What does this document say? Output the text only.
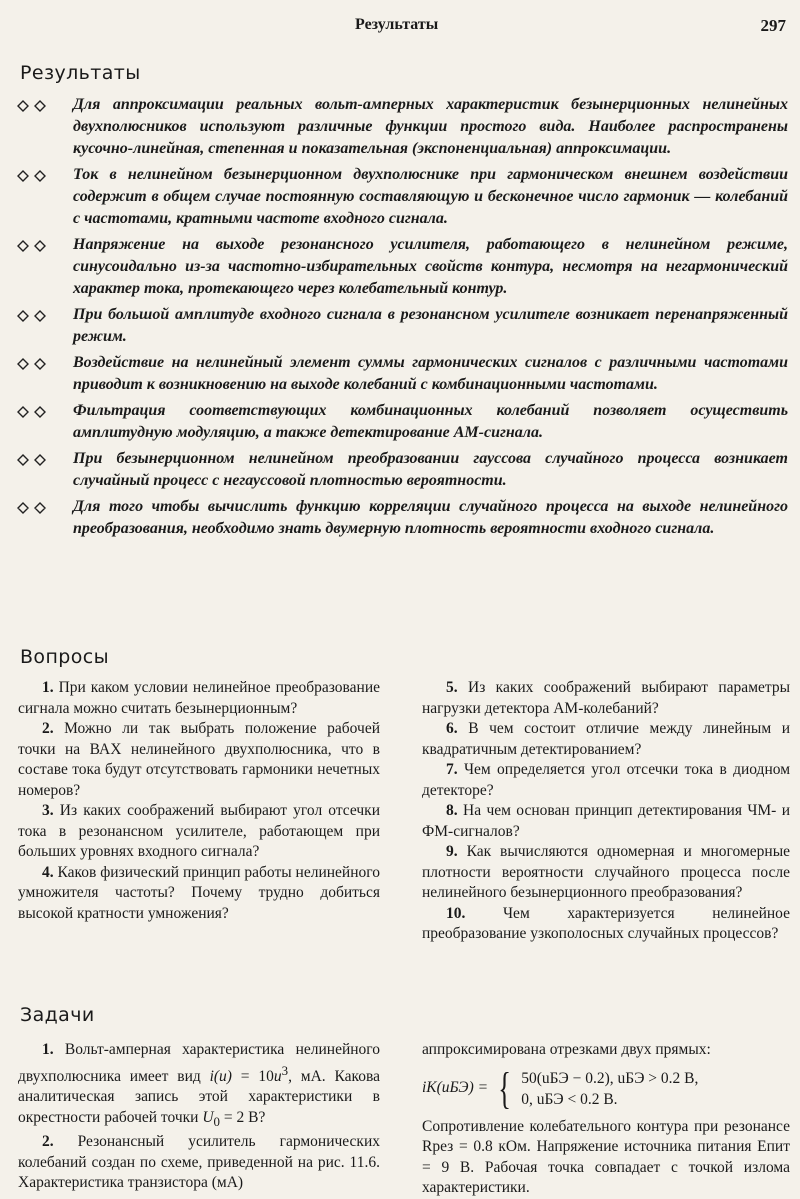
Результаты	297
Результаты
Для аппроксимации реальных вольт-амперных характеристик безынерционных нелинейных двухполюсников используют различные функции простого вида. Наиболее распространены кусочно-линейная, степенная и показательная (экспоненциальная) аппроксимации.
Ток в нелинейном безынерционном двухполюснике при гармоническом внешнем воздействии содержит в общем случае постоянную составляющую и бесконечное число гармоник — колебаний с частотами, кратными частоте входного сигнала.
Напряжение на выходе резонансного усилителя, работающего в нелинейном режиме, синусоидально из-за частотно-избирательных свойств контура, несмотря на негармонический характер тока, протекающего через колебательный контур.
При большой амплитуде входного сигнала в резонансном усилителе возникает перенапряженный режим.
Воздействие на нелинейный элемент суммы гармонических сигналов с различными частотами приводит к возникновению на выходе колебаний с комбинационными частотами.
Фильтрация соответствующих комбинационных колебаний позволяет осуществить амплитудную модуляцию, а также детектирование АМ-сигнала.
При безынерционном нелинейном преобразовании гауссова случайного процесса возникает случайный процесс с негауссовой плотностью вероятности.
Для того чтобы вычислить функцию корреляции случайного процесса на выходе нелинейного преобразования, необходимо знать двумерную плотность вероятности входного сигнала.
Вопросы

1. При каком условии нелинейное преобразование сигнала можно считать безынерционным?

2. Можно ли так выбрать положение рабочей точки на ВАХ нелинейного двухполюсника, что в составе тока будут отсутствовать гармоники нечетных номеров?

3. Из каких соображений выбирают угол отсечки тока в резонансном усилителе, работающем при больших уровнях входного сигнала?

4. Каков физический принцип работы нелинейного умножителя частоты? Почему трудно добиться высокой кратности умножения?

5. Из каких соображений выбирают параметры нагрузки детектора АМ-колебаний?

6. В чем состоит отличие между линейным и квадратичным детектированием?

7. Чем определяется угол отсечки тока в диодном детекторе?

8. На чем основан принцип детектирования ЧМ- и ФМ-сигналов?

9. Как вычисляются одномерная и многомерные плотности вероятности случайного процесса после нелинейного безынерционного преобразования?

10. Чем характеризуется нелинейное преобразование узкополосных случайных процессов?

Задачи

1. Вольт-амперная характеристика нелинейного двухполюсника имеет вид $i(u) = 10u^3$, мА. Какова аналитическая запись этой характеристики в окрестности рабочей точки $U_0 = 2$ В?

2. Резонансный усилитель гармонических колебаний создан по схеме, приведенной на рис. 11.6. Характеристика транзистора (мА)

аппроксимирована отрезками двух прямых:
iК(uБЭ) = { 50(uБЭ − 0.2), uБЭ > 0.2 В,
0, uБЭ < 0.2 В.
Сопротивление колебательного контура при резонансе Rрез = 0.8 кОм. Напряжение источника питания Eпит = 9 В. Рабочая точка совпадает с точкой излома характеристики.
